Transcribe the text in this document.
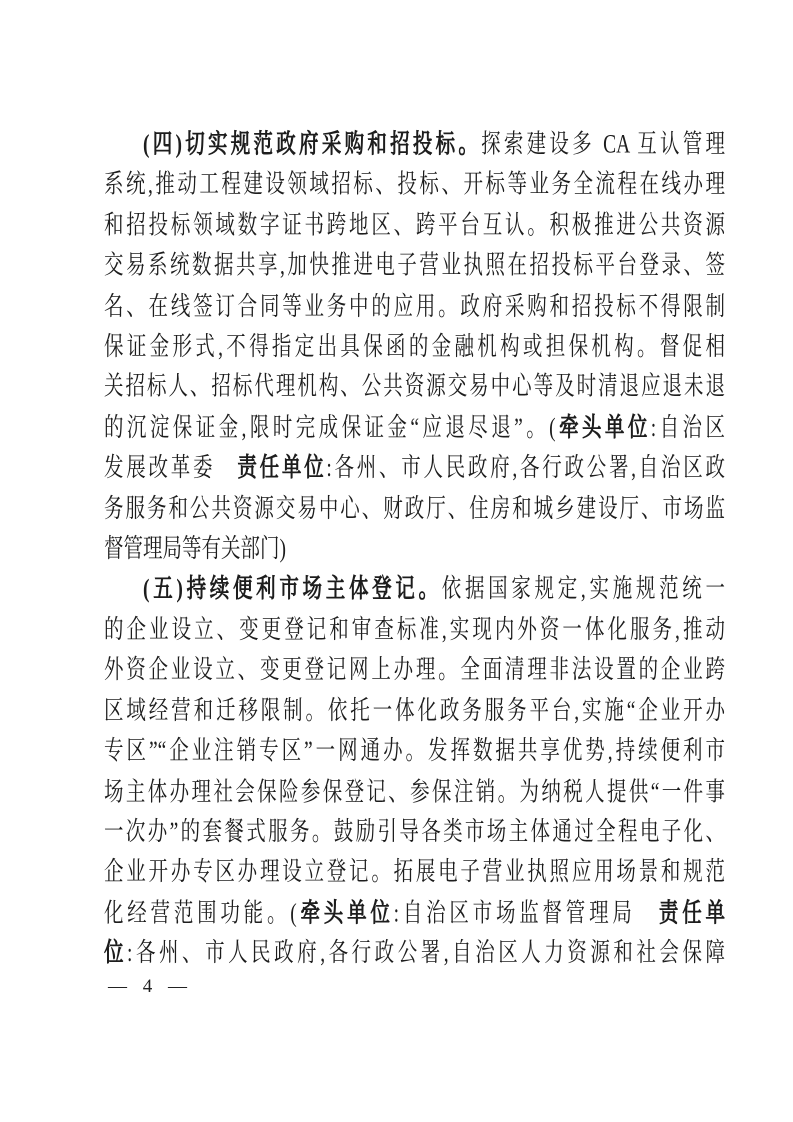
(四)切实规范政府采购和招投标。探索建设多 CA 互认管理
系统,推动工程建设领域招标、投标、开标等业务全流程在线办理
和招投标领域数字证书跨地区、跨平台互认。积极推进公共资源
交易系统数据共享,加快推进电子营业执照在招投标平台登录、签
名、在线签订合同等业务中的应用。政府采购和招投标不得限制
保证金形式,不得指定出具保函的金融机构或担保机构。督促相
关招标人、招标代理机构、公共资源交易中心等及时清退应退未退
的沉淀保证金,限时完成保证金“应退尽退”。(牵头单位:自治区
发展改革委　责任单位:各州、市人民政府,各行政公署,自治区政
务服务和公共资源交易中心、财政厅、住房和城乡建设厅、市场监
督管理局等有关部门)
(五)持续便利市场主体登记。依据国家规定,实施规范统一
的企业设立、变更登记和审查标准,实现内外资一体化服务,推动
外资企业设立、变更登记网上办理。全面清理非法设置的企业跨
区域经营和迁移限制。依托一体化政务服务平台,实施“企业开办
专区”“企业注销专区”一网通办。发挥数据共享优势,持续便利市
场主体办理社会保险参保登记、参保注销。为纳税人提供“一件事
一次办”的套餐式服务。鼓励引导各类市场主体通过全程电子化、
企业开办专区办理设立登记。拓展电子营业执照应用场景和规范
化经营范围功能。(牵头单位:自治区市场监督管理局　责任单
位:各州、市人民政府,各行政公署,自治区人力资源和社会保障
— 4 —
